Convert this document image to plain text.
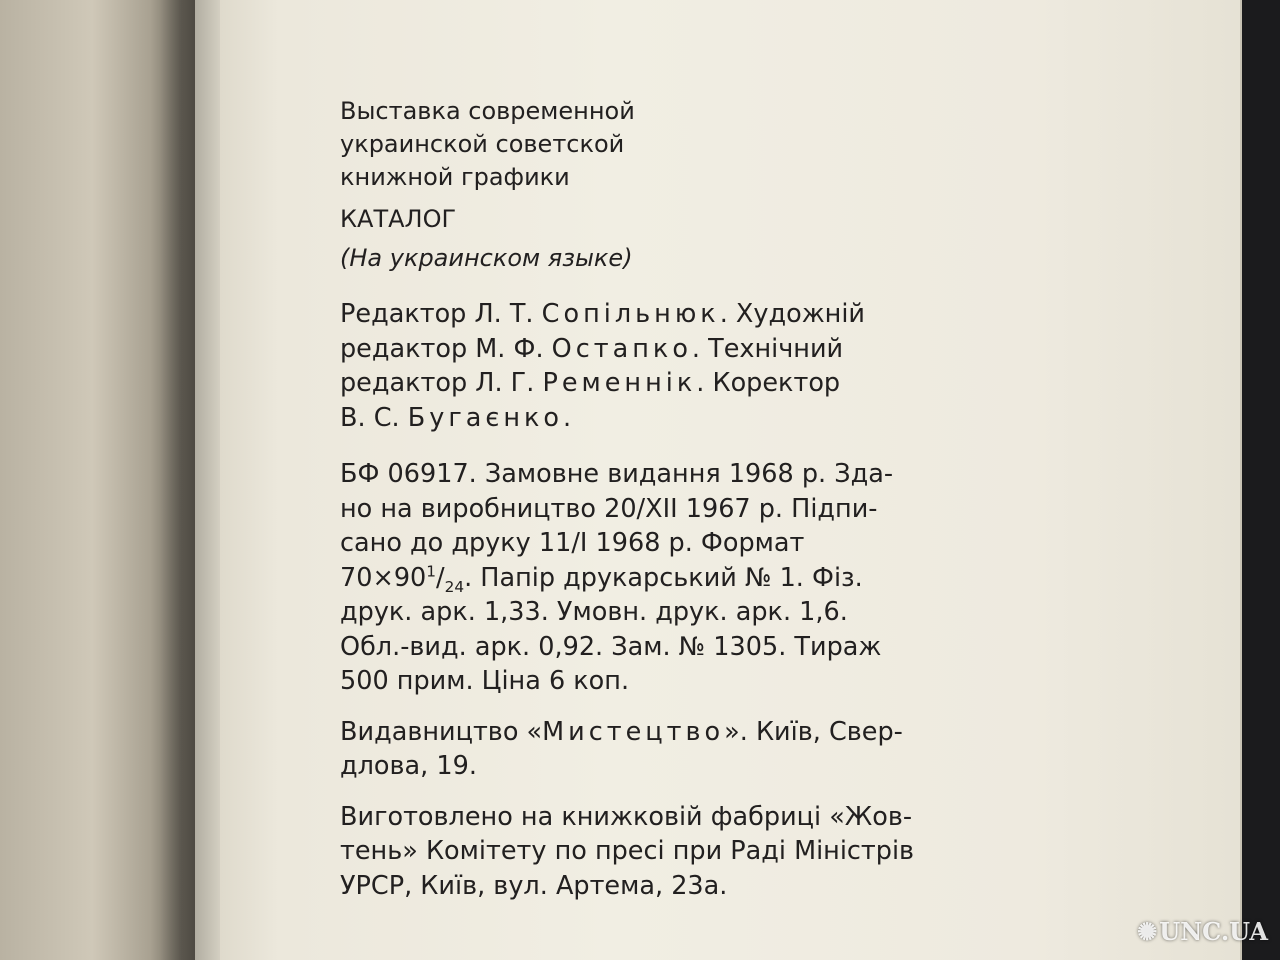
Выставка современной

украинской советской

книжной графики

КАТАЛОГ

(На украинском языке)

Редактор Л. Т. Сопільнюк. Художній

редактор М. Ф. Остапко. Технічний

редактор Л. Г. Ременнік. Коректор

В. С. Бугаєнко.

БФ 06917. Замовне видання 1968 р. Зда-

но на виробництво 20/XII 1967 р. Підпи-

сано до друку 11/І 1968 р. Формат

$70\times 90^1/_{24}$. Папір друкарський № 1. Фіз.

друк. арк. 1,33. Умовн. друк. арк. 1,6.

Обл.-вид. арк. 0,92. Зам. № 1305. Тираж

500 прим. Ціна 6 коп.

Видавництво «Мистецтво». Київ, Свер-

длова, 19.

Виготовлено на книжковій фабриці «Жов-

тень» Комітету по пресі при Раді Міністрів

УРСР, Київ, вул. Артема, 23а.

✺UNC.UA
